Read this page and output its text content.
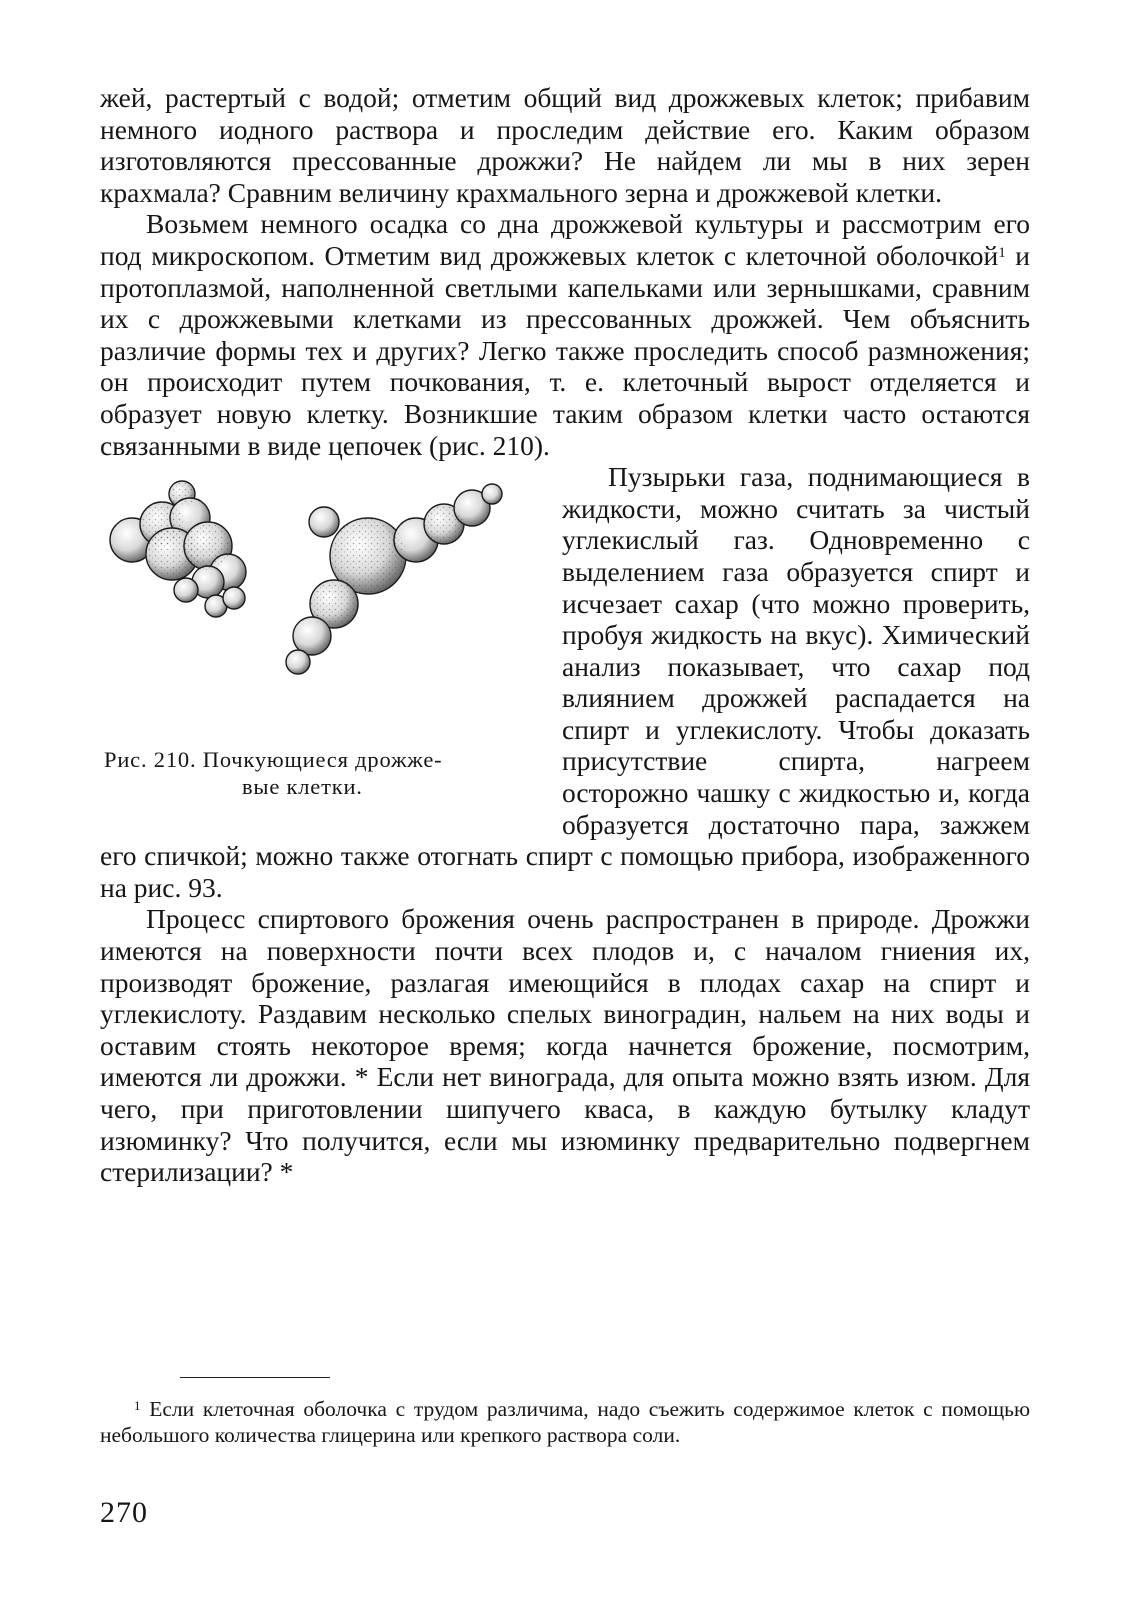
жей, растертый с водой; отметим общий вид дрожжевых клеток; прибавим немного иодного раствора и проследим действие его. Каким образом изготовляются прессованные дрожжи? Не найдем ли мы в них зерен крахмала? Сравним величину крахмального зерна и дрожжевой клетки.

Возьмем немного осадка со дна дрожжевой культуры и рассмотрим его под микроскопом. Отметим вид дрожжевых клеток с клеточной оболочкой$^1$ и протоплазмой, наполненной светлыми капельками или зернышками, сравним их с дрожжевыми клетками из прессованных дрожжей. Чем объяснить различие формы тех и других? Легко также проследить способ размножения; он происходит путем почкования, т. е. клеточный вырост отделяется и образует новую клетку. Возникшие таким образом клетки часто остаются связанными в виде цепочек (рис. 210).

Рис. 210. Почкующиеся дрожже-
вые клетки.

Пузырьки газа, поднимающиеся в жидкости, можно считать за чистый углекислый газ. Одновременно с выделением газа образуется спирт и исчезает сахар (что можно проверить, пробуя жидкость на вкус). Химический анализ показывает, что сахар под влиянием дрожжей распадается на спирт и углекислоту. Чтобы доказать присутствие спирта, нагреем осторожно чашку с жидкостью и, когда образуется достаточно пара, зажжем его спичкой; можно также отогнать спирт с помощью прибора, изображенного на рис. 93.

Процесс спиртового брожения очень распространен в природе. Дрожжи имеются на поверхности почти всех плодов и, с началом гниения их, производят брожение, разлагая имеющийся в плодах сахар на спирт и углекислоту. Раздавим несколько спелых виноградин, нальем на них воды и оставим стоять некоторое время; когда начнется брожение, посмотрим, имеются ли дрожжи. * Если нет винограда, для опыта можно взять изюм. Для чего, при приготовлении шипучего кваса, в каждую бутылку кладут изюминку? Что получится, если мы изюминку предварительно подвергнем стерилизации? *

$^1$ Если клеточная оболочка с трудом различима, надо съежить содержимое клеток с помощью небольшого количества глицерина или крепкого раствора соли.
270
